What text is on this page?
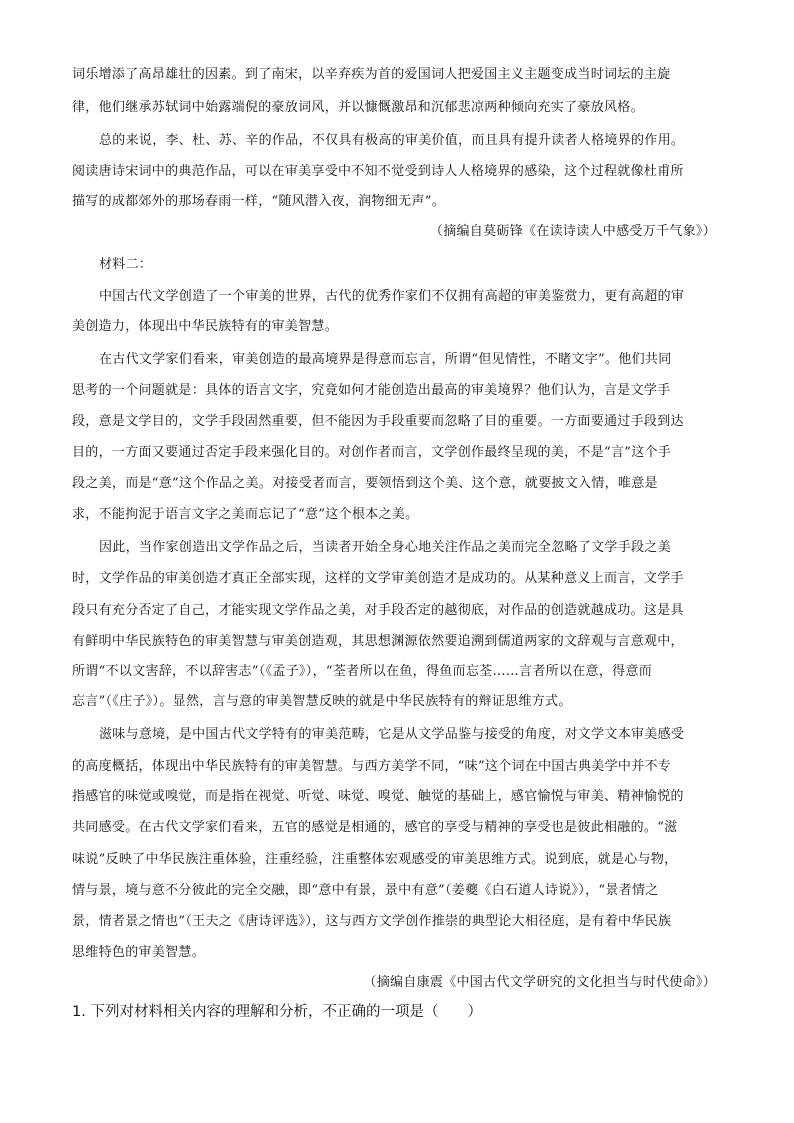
词乐增添了高昂雄壮的因素。到了南宋，以辛弃疾为首的爱国词人把爱国主义主题变成当时词坛的主旋
律，他们继承苏轼词中始露端倪的豪放词风，并以慷慨激昂和沉郁悲凉两种倾向充实了豪放风格。
总的来说，李、杜、苏、辛的作品，不仅具有极高的审美价值，而且具有提升读者人格境界的作用。
阅读唐诗宋词中的典范作品，可以在审美享受中不知不觉受到诗人人格境界的感染，这个过程就像杜甫所
描写的成都郊外的那场春雨一样，“随风潜入夜，润物细无声”。
（摘编自莫砺锋《在读诗读人中感受万千气象》）
材料二：
中国古代文学创造了一个审美的世界，古代的优秀作家们不仅拥有高超的审美鉴赏力，更有高超的审
美创造力，体现出中华民族特有的审美智慧。
在古代文学家们看来，审美创造的最高境界是得意而忘言，所谓“但见情性，不睹文字”。他们共同
思考的一个问题就是：具体的语言文字，究竟如何才能创造出最高的审美境界？他们认为，言是文学手
段，意是文学目的，文学手段固然重要，但不能因为手段重要而忽略了目的重要。一方面要通过手段到达
目的，一方面又要通过否定手段来强化目的。对创作者而言，文学创作最终呈现的美，不是“言”这个手
段之美，而是“意”这个作品之美。对接受者而言，要领悟到这个美、这个意，就要披文入情，唯意是
求，不能拘泥于语言文字之美而忘记了“意”这个根本之美。
因此，当作家创造出文学作品之后，当读者开始全身心地关注作品之美而完全忽略了文学手段之美
时，文学作品的审美创造才真正全部实现，这样的文学审美创造才是成功的。从某种意义上而言，文学手
段只有充分否定了自己，才能实现文学作品之美，对手段否定的越彻底，对作品的创造就越成功。这是具
有鲜明中华民族特色的审美智慧与审美创造观，其思想渊源依然要追溯到儒道两家的文辞观与言意观中，
所谓“不以文害辞，不以辞害志”（《孟子》），“荃者所以在鱼，得鱼而忘荃……言者所以在意，得意而
忘言”（《庄子》）。显然，言与意的审美智慧反映的就是中华民族特有的辩证思维方式。
滋味与意境，是中国古代文学特有的审美范畴，它是从文学品鉴与接受的角度，对文学文本审美感受
的高度概括，体现出中华民族特有的审美智慧。与西方美学不同，“味”这个词在中国古典美学中并不专
指感官的味觉或嗅觉，而是指在视觉、听觉、味觉、嗅觉、触觉的基础上，感官愉悦与审美、精神愉悦的
共同感受。在古代文学家们看来，五官的感觉是相通的，感官的享受与精神的享受也是彼此相融的。“滋
味说”反映了中华民族注重体验，注重经验，注重整体宏观感受的审美思维方式。说到底，就是心与物，
情与景，境与意不分彼此的完全交融，即“意中有景，景中有意”（姜夔《白石道人诗说》），“景者情之
景，情者景之情也”（王夫之《唐诗评选》），这与西方文学创作推崇的典型论大相径庭，是有着中华民族
思维特色的审美智慧。
（摘编自康震《中国古代文学研究的文化担当与时代使命》）
1. 下列对材料相关内容的理解和分析，不正确的一项是（　　）
